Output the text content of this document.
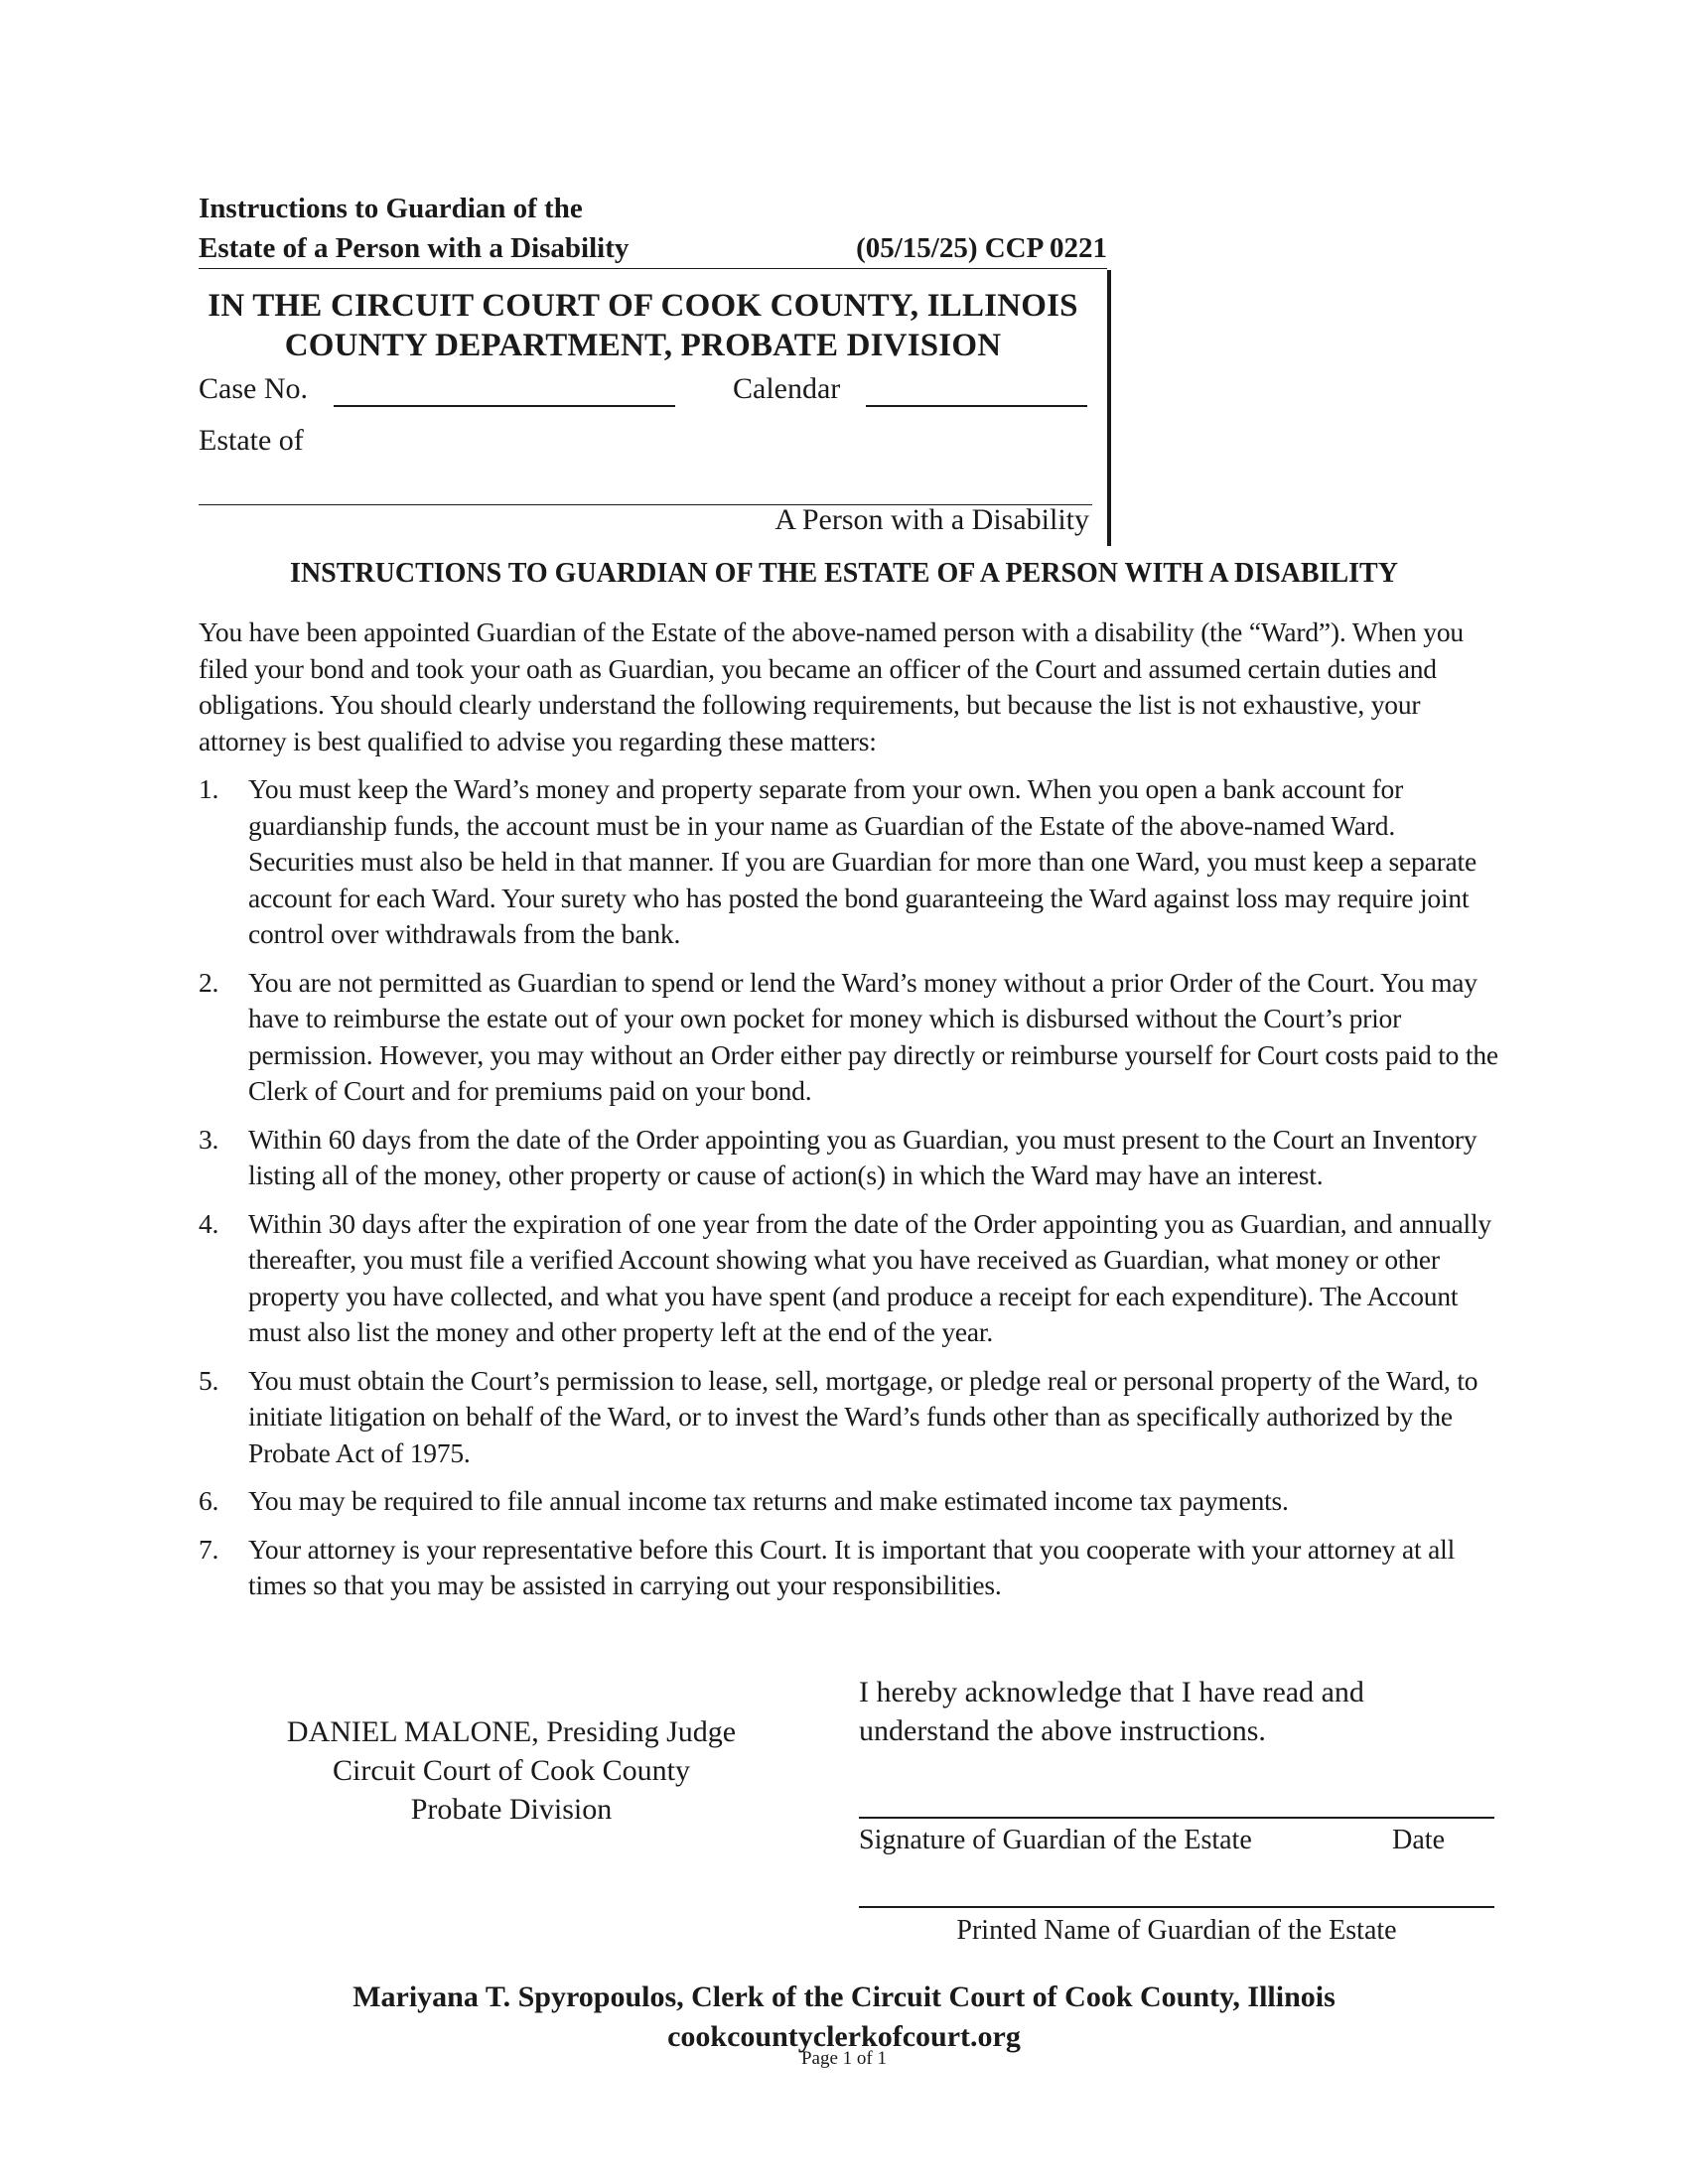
Instructions to Guardian of the
Estate of a Person with a Disability	(05/15/25) CCP 0221
IN THE CIRCUIT COURT OF COOK COUNTY, ILLINOIS
COUNTY DEPARTMENT, PROBATE DIVISION
Case No.	Calendar
Estate of
A Person with a Disability
INSTRUCTIONS TO GUARDIAN OF THE ESTATE OF A PERSON WITH A DISABILITY

You have been appointed Guardian of the Estate of the above-named person with a disability (the “Ward”). When you filed your bond and took your oath as Guardian, you became an officer of the Court and assumed certain duties and obligations. You should clearly understand the following requirements, but because the list is not exhaustive, your attorney is best qualified to advise you regarding these matters:

1. You must keep the Ward’s money and property separate from your own. When you open a bank account for guardianship funds, the account must be in your name as Guardian of the Estate of the above-named Ward. Securities must also be held in that manner. If you are Guardian for more than one Ward, you must keep a separate account for each Ward. Your surety who has posted the bond guaranteeing the Ward against loss may require joint control over withdrawals from the bank.
2. You are not permitted as Guardian to spend or lend the Ward’s money without a prior Order of the Court. You may have to reimburse the estate out of your own pocket for money which is disbursed without the Court’s prior permission. However, you may without an Order either pay directly or reimburse yourself for Court costs paid to the Clerk of Court and for premiums paid on your bond.
3. Within 60 days from the date of the Order appointing you as Guardian, you must present to the Court an Inventory listing all of the money, other property or cause of action(s) in which the Ward may have an interest.
4. Within 30 days after the expiration of one year from the date of the Order appointing you as Guardian, and annually thereafter, you must file a verified Account showing what you have received as Guardian, what money or other property you have collected, and what you have spent (and produce a receipt for each expenditure). The Account must also list the money and other property left at the end of the year.
5. You must obtain the Court’s permission to lease, sell, mortgage, or pledge real or personal property of the Ward, to initiate litigation on behalf of the Ward, or to invest the Ward’s funds other than as specifically authorized by the Probate Act of 1975.
6. You may be required to file annual income tax returns and make estimated income tax payments.
7. Your attorney is your representative before this Court. It is important that you cooperate with your attorney at all times so that you may be assisted in carrying out your responsibilities.
DANIEL MALONE, Presiding Judge
Circuit Court of Cook County
Probate Division
I hereby acknowledge that I have read and
understand the above instructions.
Signature of Guardian of the Estate	Date
Printed Name of Guardian of the Estate
Mariyana T. Spyropoulos, Clerk of the Circuit Court of Cook County, Illinois
cookcountyclerkofcourt.org
Page 1 of 1
